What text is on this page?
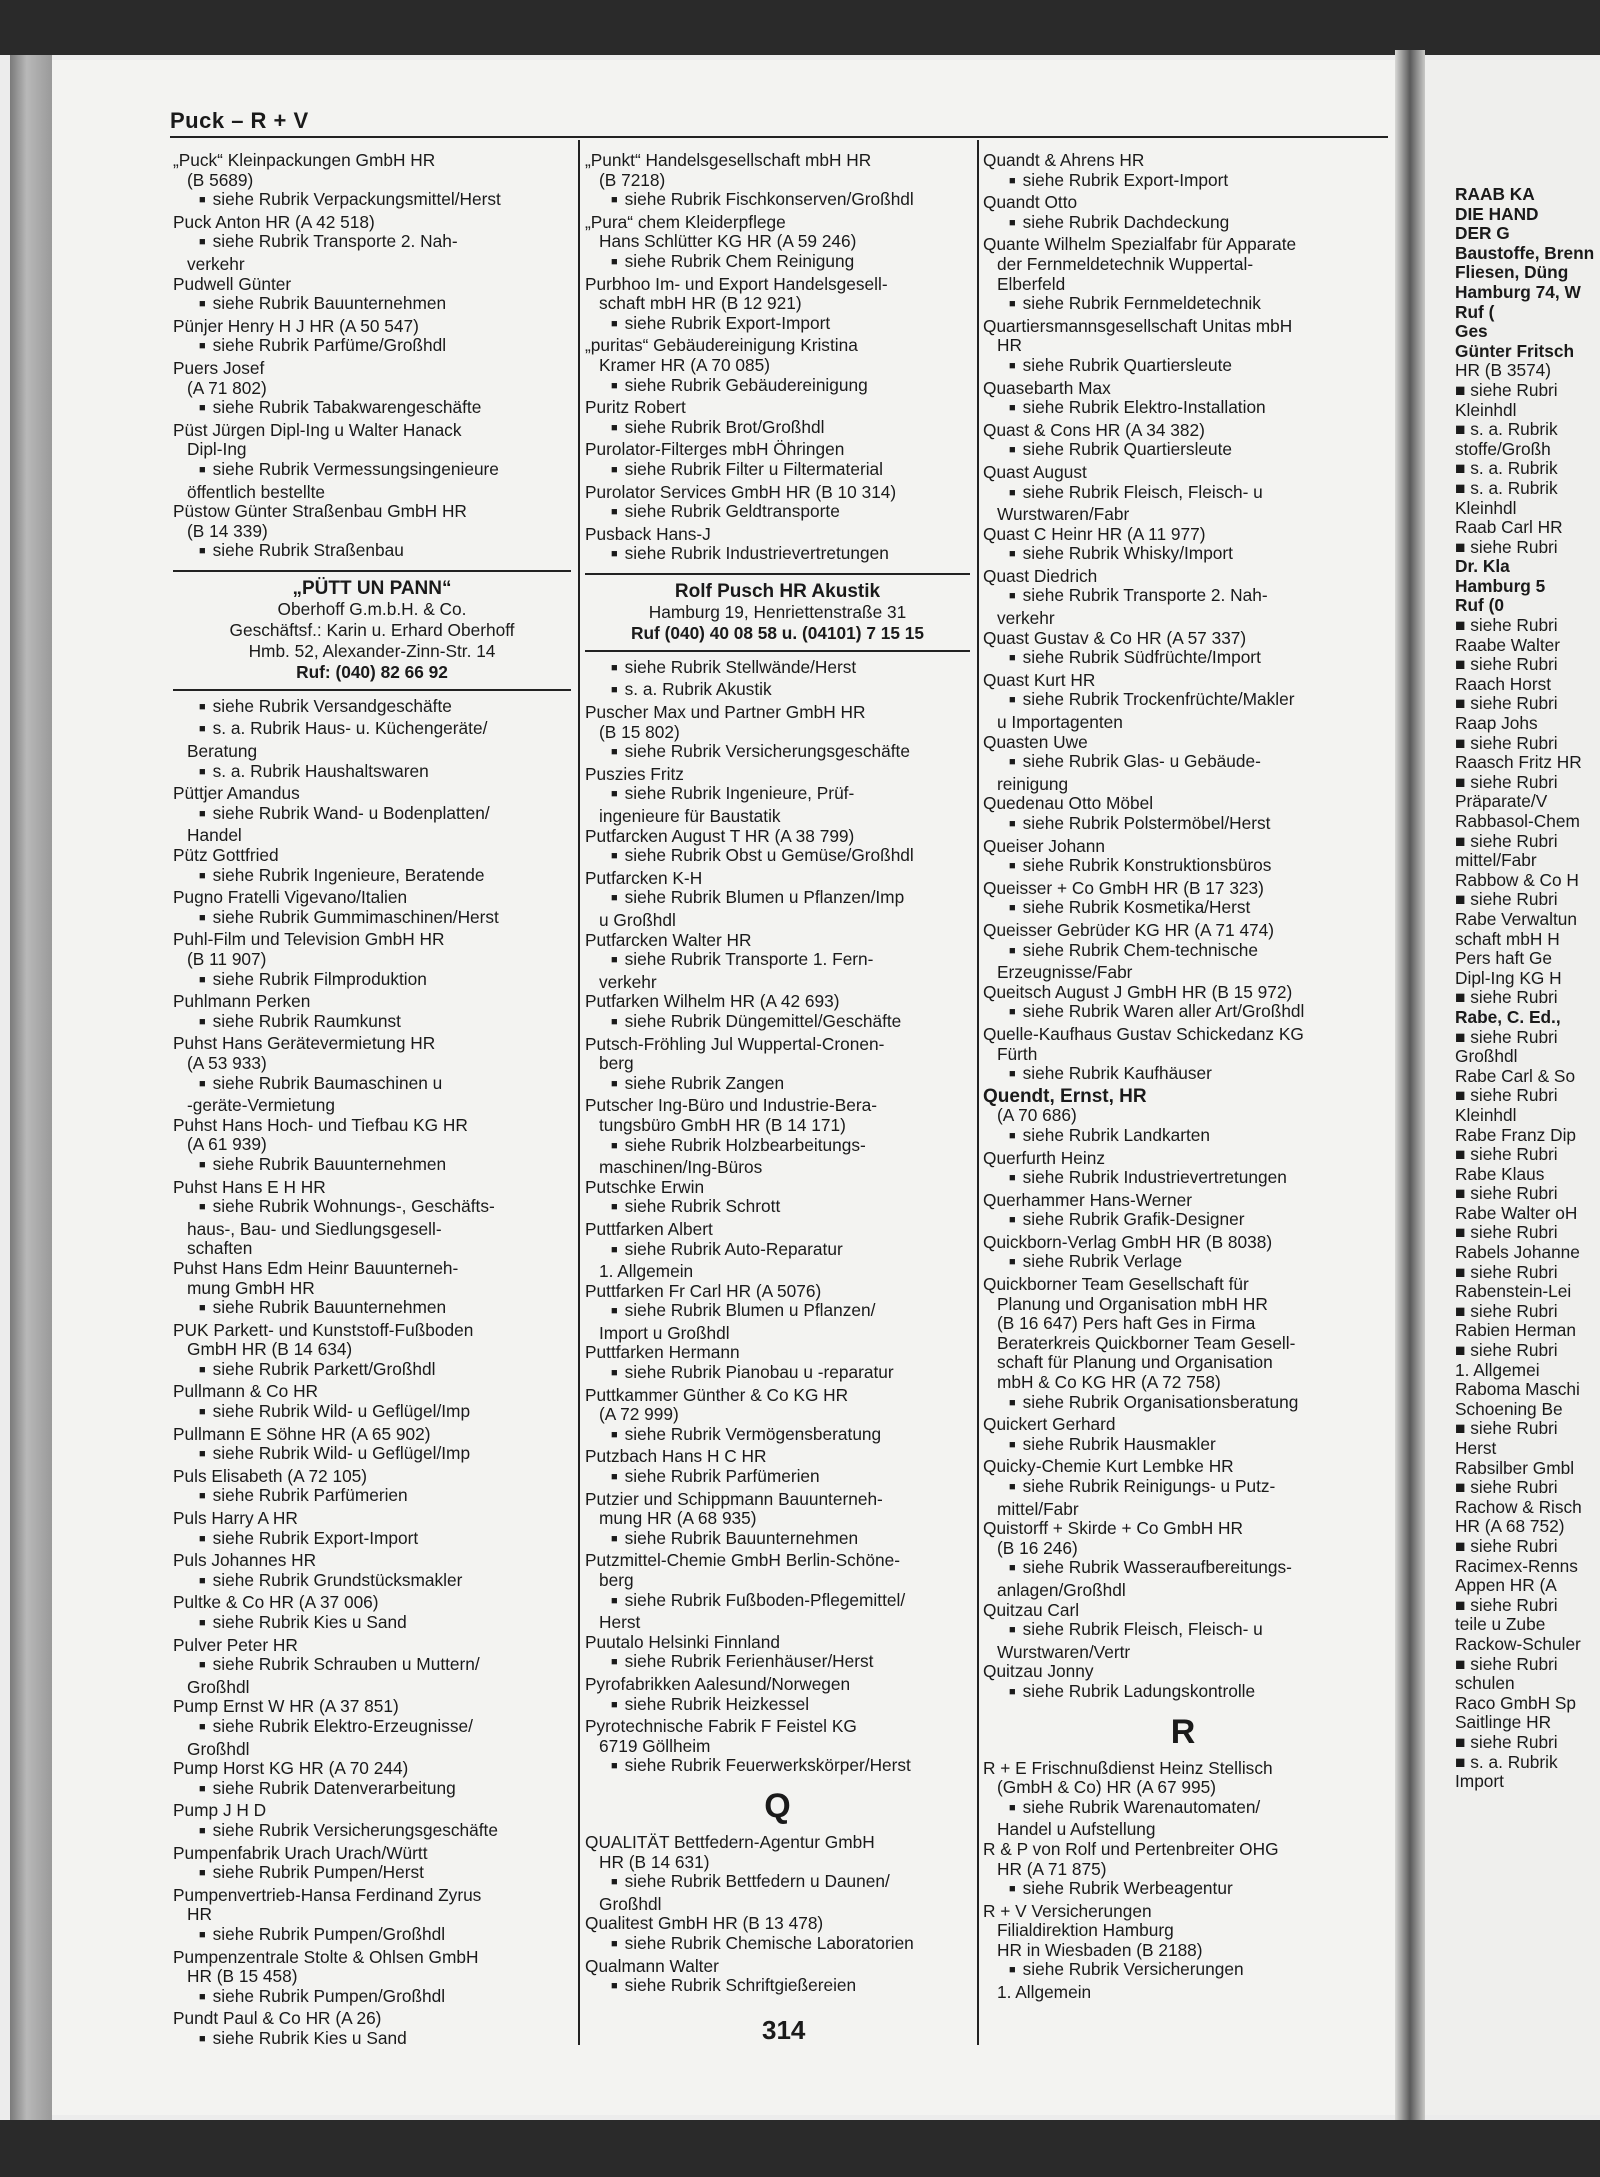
Puck – R + V
„Puck“ Kleinpackungen GmbH HR
(B 5689)
■ siehe Rubrik Verpackungsmittel/Herst
Puck Anton HR (A 42 518)
■ siehe Rubrik Transporte 2. Nah-
verkehr
Pudwell Günter
■ siehe Rubrik Bauunternehmen
Pünjer Henry H J HR (A 50 547)
■ siehe Rubrik Parfüme/Großhdl
Puers Josef
(A 71 802)
■ siehe Rubrik Tabakwarengeschäfte
Püst Jürgen Dipl-Ing u Walter Hanack
Dipl-Ing
■ siehe Rubrik Vermessungsingenieure
öffentlich bestellte
Püstow Günter Straßenbau GmbH HR
(B 14 339)
■ siehe Rubrik Straßenbau
„PÜTT UN PANN“
Oberhoff G.m.b.H. & Co.
Geschäftsf.: Karin u. Erhard Oberhoff
Hmb. 52, Alexander-Zinn-Str. 14
Ruf: (040) 82 66 92
■ siehe Rubrik Versandgeschäfte
■ s. a. Rubrik Haus- u. Küchengeräte/
Beratung
■ s. a. Rubrik Haushaltswaren
Püttjer Amandus
■ siehe Rubrik Wand- u Bodenplatten/
Handel
Pütz Gottfried
■ siehe Rubrik Ingenieure, Beratende
Pugno Fratelli Vigevano/Italien
■ siehe Rubrik Gummimaschinen/Herst
Puhl-Film und Television GmbH HR
(B 11 907)
■ siehe Rubrik Filmproduktion
Puhlmann Perken
■ siehe Rubrik Raumkunst
Puhst Hans Gerätevermietung HR
(A 53 933)
■ siehe Rubrik Baumaschinen u
-geräte-Vermietung
Puhst Hans Hoch- und Tiefbau KG HR
(A 61 939)
■ siehe Rubrik Bauunternehmen
Puhst Hans E H HR
■ siehe Rubrik Wohnungs-, Geschäfts-
haus-, Bau- und Siedlungsgesell-
schaften
Puhst Hans Edm Heinr Bauunterneh-
mung GmbH HR
■ siehe Rubrik Bauunternehmen
PUK Parkett- und Kunststoff-Fußboden
GmbH HR (B 14 634)
■ siehe Rubrik Parkett/Großhdl
Pullmann & Co HR
■ siehe Rubrik Wild- u Geflügel/Imp
Pullmann E Söhne HR (A 65 902)
■ siehe Rubrik Wild- u Geflügel/Imp
Puls Elisabeth (A 72 105)
■ siehe Rubrik Parfümerien
Puls Harry A HR
■ siehe Rubrik Export-Import
Puls Johannes HR
■ siehe Rubrik Grundstücksmakler
Pultke & Co HR (A 37 006)
■ siehe Rubrik Kies u Sand
Pulver Peter HR
■ siehe Rubrik Schrauben u Muttern/
Großhdl
Pump Ernst W HR (A 37 851)
■ siehe Rubrik Elektro-Erzeugnisse/
Großhdl
Pump Horst KG HR (A 70 244)
■ siehe Rubrik Datenverarbeitung
Pump J H D
■ siehe Rubrik Versicherungsgeschäfte
Pumpenfabrik Urach Urach/Württ
■ siehe Rubrik Pumpen/Herst
Pumpenvertrieb-Hansa Ferdinand Zyrus
HR
■ siehe Rubrik Pumpen/Großhdl
Pumpenzentrale Stolte & Ohlsen GmbH
HR (B 15 458)
■ siehe Rubrik Pumpen/Großhdl
Pundt Paul & Co HR (A 26)
■ siehe Rubrik Kies u Sand
„Punkt“ Handelsgesellschaft mbH HR
(B 7218)
■ siehe Rubrik Fischkonserven/Großhdl
„Pura“ chem Kleiderpflege
Hans Schlütter KG HR (A 59 246)
■ siehe Rubrik Chem Reinigung
Purbhoo Im- und Export Handelsgesell-
schaft mbH HR (B 12 921)
■ siehe Rubrik Export-Import
„puritas“ Gebäudereinigung Kristina
Kramer HR (A 70 085)
■ siehe Rubrik Gebäudereinigung
Puritz Robert
■ siehe Rubrik Brot/Großhdl
Purolator-Filterges mbH Öhringen
■ siehe Rubrik Filter u Filtermaterial
Purolator Services GmbH HR (B 10 314)
■ siehe Rubrik Geldtransporte
Pusback Hans-J
■ siehe Rubrik Industrievertretungen
Rolf Pusch HR Akustik
Hamburg 19, Henriettenstraße 31
Ruf (040) 40 08 58 u. (04101) 7 15 15
■ siehe Rubrik Stellwände/Herst
■ s. a. Rubrik Akustik
Puscher Max und Partner GmbH HR
(B 15 802)
■ siehe Rubrik Versicherungsgeschäfte
Puszies Fritz
■ siehe Rubrik Ingenieure, Prüf-
ingenieure für Baustatik
Putfarcken August T HR (A 38 799)
■ siehe Rubrik Obst u Gemüse/Großhdl
Putfarcken K-H
■ siehe Rubrik Blumen u Pflanzen/Imp
u Großhdl
Putfarcken Walter HR
■ siehe Rubrik Transporte 1. Fern-
verkehr
Putfarken Wilhelm HR (A 42 693)
■ siehe Rubrik Düngemittel/Geschäfte
Putsch-Fröhling Jul Wuppertal-Cronen-
berg
■ siehe Rubrik Zangen
Putscher Ing-Büro und Industrie-Bera-
tungsbüro GmbH HR (B 14 171)
■ siehe Rubrik Holzbearbeitungs-
maschinen/Ing-Büros
Putschke Erwin
■ siehe Rubrik Schrott
Puttfarken Albert
■ siehe Rubrik Auto-Reparatur
1. Allgemein
Puttfarken Fr Carl HR (A 5076)
■ siehe Rubrik Blumen u Pflanzen/
Import u Großhdl
Puttfarken Hermann
■ siehe Rubrik Pianobau u -reparatur
Puttkammer Günther & Co KG HR
(A 72 999)
■ siehe Rubrik Vermögensberatung
Putzbach Hans H C HR
■ siehe Rubrik Parfümerien
Putzier und Schippmann Bauunterneh-
mung HR (A 68 935)
■ siehe Rubrik Bauunternehmen
Putzmittel-Chemie GmbH Berlin-Schöne-
berg
■ siehe Rubrik Fußboden-Pflegemittel/
Herst
Puutalo Helsinki Finnland
■ siehe Rubrik Ferienhäuser/Herst
Pyrofabrikken Aalesund/Norwegen
■ siehe Rubrik Heizkessel
Pyrotechnische Fabrik F Feistel KG
6719 Göllheim
■ siehe Rubrik Feuerwerkskörper/Herst
Q
QUALITÄT Bettfedern-Agentur GmbH
HR (B 14 631)
■ siehe Rubrik Bettfedern u Daunen/
Großhdl
Qualitest GmbH HR (B 13 478)
■ siehe Rubrik Chemische Laboratorien
Qualmann Walter
■ siehe Rubrik Schriftgießereien
Quandt & Ahrens HR
■ siehe Rubrik Export-Import
Quandt Otto
■ siehe Rubrik Dachdeckung
Quante Wilhelm Spezialfabr für Apparate
der Fernmeldetechnik Wuppertal-
Elberfeld
■ siehe Rubrik Fernmeldetechnik
Quartiersmannsgesellschaft Unitas mbH
HR
■ siehe Rubrik Quartiersleute
Quasebarth Max
■ siehe Rubrik Elektro-Installation
Quast & Cons HR (A 34 382)
■ siehe Rubrik Quartiersleute
Quast August
■ siehe Rubrik Fleisch, Fleisch- u
Wurstwaren/Fabr
Quast C Heinr HR (A 11 977)
■ siehe Rubrik Whisky/Import
Quast Diedrich
■ siehe Rubrik Transporte 2. Nah-
verkehr
Quast Gustav & Co HR (A 57 337)
■ siehe Rubrik Südfrüchte/Import
Quast Kurt HR
■ siehe Rubrik Trockenfrüchte/Makler
u Importagenten
Quasten Uwe
■ siehe Rubrik Glas- u Gebäude-
reinigung
Quedenau Otto Möbel
■ siehe Rubrik Polstermöbel/Herst
Queiser Johann
■ siehe Rubrik Konstruktionsbüros
Queisser + Co GmbH HR (B 17 323)
■ siehe Rubrik Kosmetika/Herst
Queisser Gebrüder KG HR (A 71 474)
■ siehe Rubrik Chem-technische
Erzeugnisse/Fabr
Queitsch August J GmbH HR (B 15 972)
■ siehe Rubrik Waren aller Art/Großhdl
Quelle-Kaufhaus Gustav Schickedanz KG
Fürth
■ siehe Rubrik Kaufhäuser
Quendt, Ernst, HR
(A 70 686)
■ siehe Rubrik Landkarten
Querfurth Heinz
■ siehe Rubrik Industrievertretungen
Querhammer Hans-Werner
■ siehe Rubrik Grafik-Designer
Quickborn-Verlag GmbH HR (B 8038)
■ siehe Rubrik Verlage
Quickborner Team Gesellschaft für
Planung und Organisation mbH HR
(B 16 647) Pers haft Ges in Firma
Beraterkreis Quickborner Team Gesell-
schaft für Planung und Organisation
mbH & Co KG HR (A 72 758)
■ siehe Rubrik Organisationsberatung
Quickert Gerhard
■ siehe Rubrik Hausmakler
Quicky-Chemie Kurt Lembke HR
■ siehe Rubrik Reinigungs- u Putz-
mittel/Fabr
Quistorff + Skirde + Co GmbH HR
(B 16 246)
■ siehe Rubrik Wasseraufbereitungs-
anlagen/Großhdl
Quitzau Carl
■ siehe Rubrik Fleisch, Fleisch- u
Wurstwaren/Vertr
Quitzau Jonny
■ siehe Rubrik Ladungskontrolle
R
R + E Frischnußdienst Heinz Stellisch
(GmbH & Co) HR (A 67 995)
■ siehe Rubrik Warenautomaten/
Handel u Aufstellung
R & P von Rolf und Pertenbreiter OHG
HR (A 71 875)
■ siehe Rubrik Werbeagentur
R + V Versicherungen
Filialdirektion Hamburg
HR in Wiesbaden (B 2188)
■ siehe Rubrik Versicherungen
1. Allgemein
314
RAAB KA
DIE HAND
DER G
Baustoffe, Brenn
Fliesen, Düng
Hamburg 74, W
Ruf (
Ges
Günter Fritsch
HR (B 3574)
■ siehe Rubri
Kleinhdl
■ s. a. Rubrik
stoffe/Großh
■ s. a. Rubrik
■ s. a. Rubrik
Kleinhdl
Raab Carl HR
■ siehe Rubri
Dr. Kla
Hamburg 5
Ruf (0
■ siehe Rubri
Raabe Walter
■ siehe Rubri
Raach Horst
■ siehe Rubri
Raap Johs
■ siehe Rubri
Raasch Fritz HR
■ siehe Rubri
Präparate/V
Rabbasol-Chem
■ siehe Rubri
mittel/Fabr
Rabbow & Co H
■ siehe Rubri
Rabe Verwaltun
schaft mbH H
Pers haft Ge
Dipl-Ing KG H
■ siehe Rubri
Rabe, C. Ed.,
■ siehe Rubri
Großhdl
Rabe Carl & So
■ siehe Rubri
Kleinhdl
Rabe Franz Dip
■ siehe Rubri
Rabe Klaus
■ siehe Rubri
Rabe Walter oH
■ siehe Rubri
Rabels Johanne
■ siehe Rubri
Rabenstein-Lei
■ siehe Rubri
Rabien Herman
■ siehe Rubri
1. Allgemei
Raboma Maschi
Schoening Be
■ siehe Rubri
Herst
Rabsilber Gmbl
■ siehe Rubri
Rachow & Risch
HR (A 68 752)
■ siehe Rubri
Racimex-Renns
Appen HR (A
■ siehe Rubri
teile u Zube
Rackow-Schuler
■ siehe Rubri
schulen
Raco GmbH Sp
Saitlinge HR
■ siehe Rubri
■ s. a. Rubrik
Import
